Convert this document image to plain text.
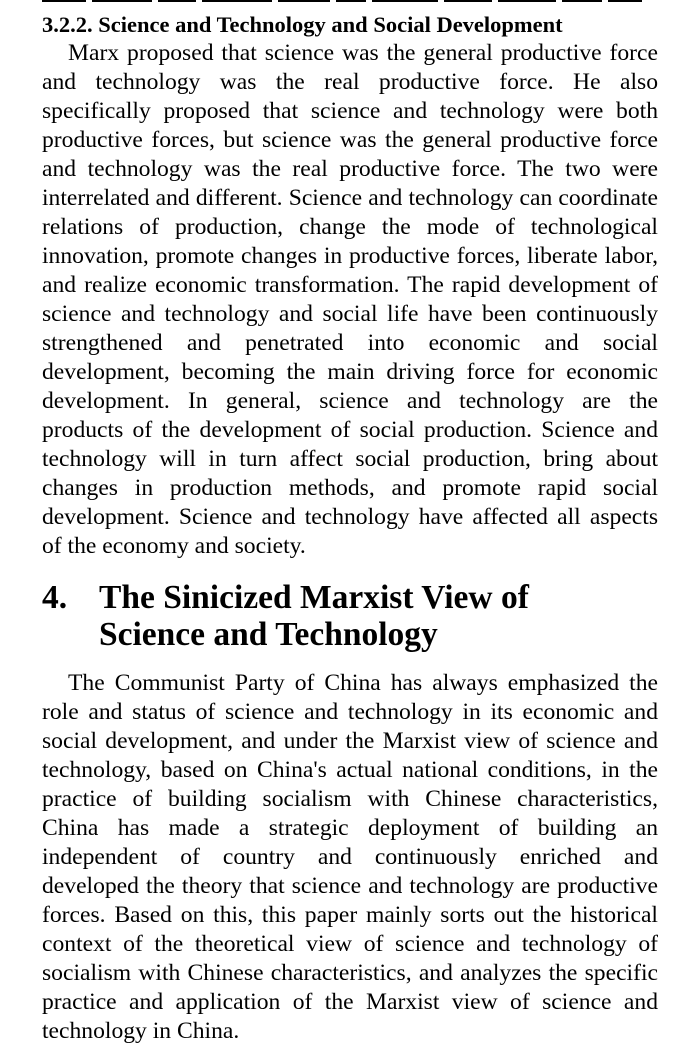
3.2.2. Science and Technology and Social Development

Marx proposed that science was the general productive force and technology was the real productive force. He also specifically proposed that science and technology were both productive forces, but science was the general productive force and technology was the real productive force. The two were interrelated and different. Science and technology can coordinate relations of production, change the mode of technological innovation, promote changes in productive forces, liberate labor, and realize economic transformation. The rapid development of science and technology and social life have been continuously strengthened and penetrated into economic and social development, becoming the main driving force for economic development. In general, science and technology are the products of the development of social production. Science and technology will in turn affect social production, bring about changes in production methods, and promote rapid social development. Science and technology have affected all aspects of the economy and society.

4. The Sinicized Marxist View of Science and Technology

The Communist Party of China has always emphasized the role and status of science and technology in its economic and social development, and under the Marxist view of science and technology, based on China's actual national conditions, in the practice of building socialism with Chinese characteristics, China has made a strategic deployment of building an independent of country and continuously enriched and developed the theory that science and technology are productive forces. Based on this, this paper mainly sorts out the historical context of the theoretical view of science and technology of socialism with Chinese characteristics, and analyzes the specific practice and application of the Marxist view of science and technology in China.
